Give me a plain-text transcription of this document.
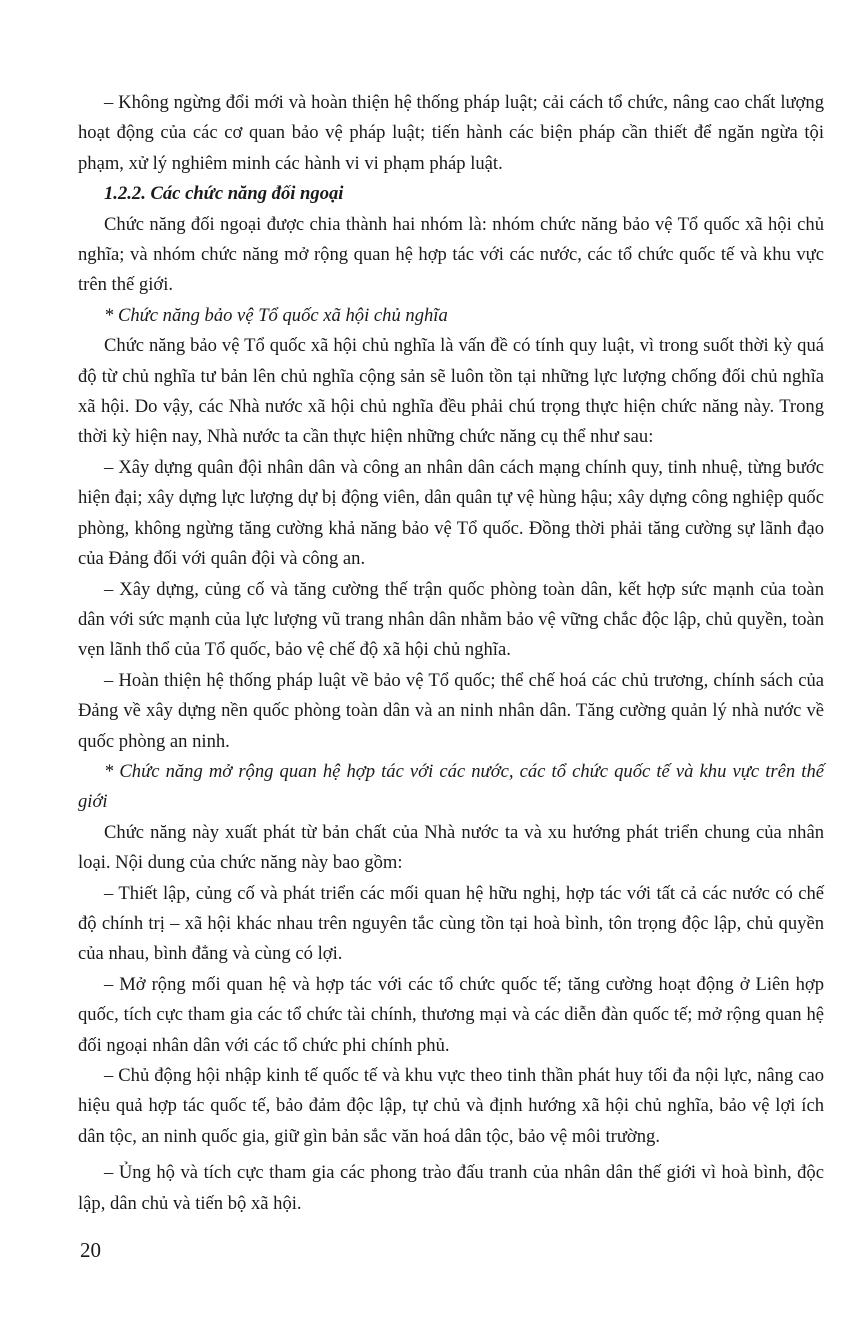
– Không ngừng đổi mới và hoàn thiện hệ thống pháp luật; cải cách tổ chức, nâng cao chất lượng hoạt động của các cơ quan bảo vệ pháp luật; tiến hành các biện pháp cần thiết để ngăn ngừa tội phạm, xử lý nghiêm minh các hành vi vi phạm pháp luật.

1.2.2. Các chức năng đối ngoại

Chức năng đối ngoại được chia thành hai nhóm là: nhóm chức năng bảo vệ Tổ quốc xã hội chủ nghĩa; và nhóm chức năng mở rộng quan hệ hợp tác với các nước, các tổ chức quốc tế và khu vực trên thế giới.

* Chức năng bảo vệ Tổ quốc xã hội chủ nghĩa

Chức năng bảo vệ Tổ quốc xã hội chủ nghĩa là vấn đề có tính quy luật, vì trong suốt thời kỳ quá độ từ chủ nghĩa tư bản lên chủ nghĩa cộng sản sẽ luôn tồn tại những lực lượng chống đối chủ nghĩa xã hội. Do vậy, các Nhà nước xã hội chủ nghĩa đều phải chú trọng thực hiện chức năng này. Trong thời kỳ hiện nay, Nhà nước ta cần thực hiện những chức năng cụ thể như sau:

– Xây dựng quân đội nhân dân và công an nhân dân cách mạng chính quy, tinh nhuệ, từng bước hiện đại; xây dựng lực lượng dự bị động viên, dân quân tự vệ hùng hậu; xây dựng công nghiệp quốc phòng, không ngừng tăng cường khả năng bảo vệ Tổ quốc. Đồng thời phải tăng cường sự lãnh đạo của Đảng đối với quân đội và công an.

– Xây dựng, củng cố và tăng cường thế trận quốc phòng toàn dân, kết hợp sức mạnh của toàn dân với sức mạnh của lực lượng vũ trang nhân dân nhằm bảo vệ vững chắc độc lập, chủ quyền, toàn vẹn lãnh thổ của Tổ quốc, bảo vệ chế độ xã hội chủ nghĩa.

– Hoàn thiện hệ thống pháp luật về bảo vệ Tổ quốc; thể chế hoá các chủ trương, chính sách của Đảng về xây dựng nền quốc phòng toàn dân và an ninh nhân dân. Tăng cường quản lý nhà nước về quốc phòng an ninh.

* Chức năng mở rộng quan hệ hợp tác với các nước, các tổ chức quốc tế và khu vực trên thế giới

Chức năng này xuất phát từ bản chất của Nhà nước ta và xu hướng phát triển chung của nhân loại. Nội dung của chức năng này bao gồm:

– Thiết lập, củng cố và phát triển các mối quan hệ hữu nghị, hợp tác với tất cả các nước có chế độ chính trị – xã hội khác nhau trên nguyên tắc cùng tồn tại hoà bình, tôn trọng độc lập, chủ quyền của nhau, bình đẳng và cùng có lợi.

– Mở rộng mối quan hệ và hợp tác với các tổ chức quốc tế; tăng cường hoạt động ở Liên hợp quốc, tích cực tham gia các tổ chức tài chính, thương mại và các diễn đàn quốc tế; mở rộng quan hệ đối ngoại nhân dân với các tổ chức phi chính phủ.

– Chủ động hội nhập kinh tế quốc tế và khu vực theo tinh thần phát huy tối đa nội lực, nâng cao hiệu quả hợp tác quốc tế, bảo đảm độc lập, tự chủ và định hướng xã hội chủ nghĩa, bảo vệ lợi ích dân tộc, an ninh quốc gia, giữ gìn bản sắc văn hoá dân tộc, bảo vệ môi trường.

– Ủng hộ và tích cực tham gia các phong trào đấu tranh của nhân dân thế giới vì hoà bình, độc lập, dân chủ và tiến bộ xã hội.

20
